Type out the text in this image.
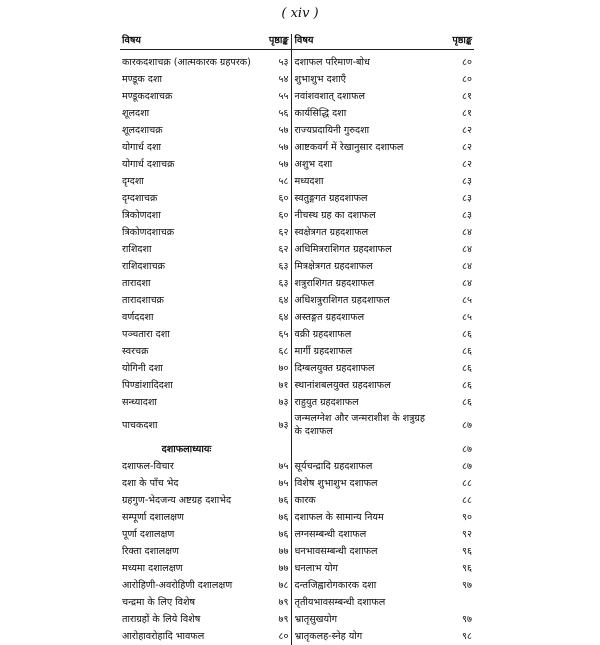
( xiv )
विषय	पृष्ठाङ्क	विषय	पृष्ठाङ्क
कारकदशाचक्र (आत्मकारक ग्रहपरक)	५३	दशाफल परिमाण-बोध	८०
मण्डूक दशा	५४	शुभाशुभ दशाएँ	८०
मण्डूकदशाचक्र	५५	नवांशवशात् दशाफल	८१
शूलदशा	५६	कार्यसिद्धि दशा	८१
शूलदशाचक्र	५७	राज्यप्रदायिनी गुरुदशा	८२
योगार्ध दशा	५७	आष्टकवर्ग में रेखानुसार दशाफल	८२
योगार्ध दशाचक्र	५७	अशुभ दशा	८२
दृग्दशा	५८	मध्यदशा	८३
दृग्दशाचक्र	६०	स्वतुङ्गगत ग्रहदशाफल	८३
त्रिकोणदशा	६०	नीचस्थ ग्रह का दशाफल	८३
त्रिकोणदशाचक्र	६२	स्वक्षेत्रगत ग्रहदशाफल	८४
राशिदशा	६२	अधिमित्रराशिगत ग्रहदशाफल	८४
राशिदशाचक्र	६३	मित्रक्षेत्रगत ग्रहदशाफल	८४
तारादशा	६३	शत्रुराशिगत ग्रहदशाफल	८४
तारादशाचक्र	६४	अधिशत्रुराशिगत ग्रहदशाफल	८५
वर्णददशा	६४	अस्तङ्गत ग्रहदशाफल	८५
पञ्चतारा दशा	६५	वक्री ग्रहदशाफल	८६
स्वरचक्र	६८	मार्गी ग्रहदशाफल	८६
योगिनी दशा	७०	दिग्बलयुक्त ग्रहदशाफल	८६
पिण्डांशादिदशा	७१	स्थानांशबलयुक्त ग्रहदशाफल	८६
सन्ध्यादशा	७३	राहुयुत ग्रहदशाफल	८६
पाचकदशा	७३	जन्मलग्नेश और जन्मराशीश के शत्रुग्रह के दशाफल	८७
दशाफलाध्यायः			८७
दशाफल-विचार	७५	सूर्यचन्द्रादि ग्रहदशाफल	८७
दशा के पाँच भेद	७५	विशेष शुभाशुभ दशाफल	८८
ग्रहगुण-भेदजन्य अष्टग्रह दशाभेद	७६	कारक	८८
सम्पूर्णा दशालक्षण	७६	दशाफल के सामान्य नियम	९०
पूर्णा दशालक्षण	७६	लग्नसम्बन्धी दशाफल	९२
रिक्ता दशालक्षण	७७	धनभावसम्बन्धी दशाफल	९६
मध्यमा दशालक्षण	७७	धनलाभ योग	९६
आरोहिणी-अवरोहिणी दशालक्षण	७८	दन्तजिह्वारोगकारक दशा	९७
चन्द्रमा के लिए विशेष	७९	तृतीयभावसम्बन्धी दशाफल	
ताराग्रहों के लिये विशेष	७९	भ्रातृसुखयोग	९७
आरोहावरोहादि भावफल	८०	भ्रातृकलह-स्नेह योग	९८
